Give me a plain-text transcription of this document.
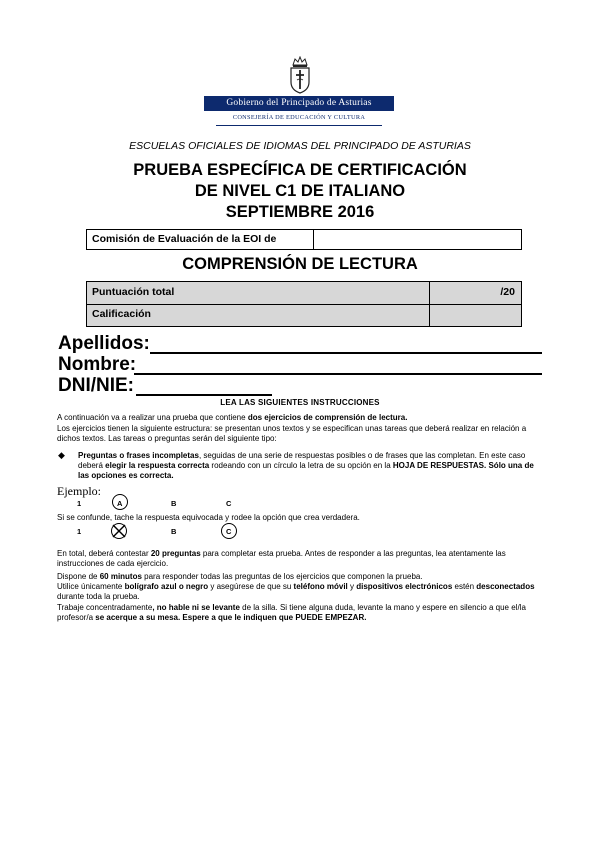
Gobierno del Principado de Asturias
CONSEJERÍA DE EDUCACIÓN Y CULTURA
ESCUELAS OFICIALES DE IDIOMAS DEL PRINCIPADO DE ASTURIAS
PRUEBA ESPECÍFICA DE CERTIFICACIÓN
DE NIVEL C1 DE ITALIANO
SEPTIEMBRE 2016
Comisión de Evaluación de la EOI de
COMPRENSIÓN DE LECTURA
Puntuación total	/20
Calificación
Apellidos:
Nombre:
DNI/NIE:
LEA LAS SIGUIENTES INSTRUCCIONES
A continuación va a realizar una prueba que contiene dos ejercicios de comprensión de lectura.
Los ejercicios tienen la siguiente estructura: se presentan unos textos y se especifican unas tareas que deberá realizar en relación a dichos textos. Las tareas o preguntas serán del siguiente tipo:
◆ Preguntas o frases incompletas, seguidas de una serie de respuestas posibles o de frases que las completan. En este caso deberá elegir la respuesta correcta rodeando con un círculo la letra de su opción en la HOJA DE RESPUESTAS. Sólo una de las opciones es correcta.
Ejemplo:
1	A	B	C
Si se confunde, tache la respuesta equivocada y rodee la opción que crea verdadera.
1	B	C
En total, deberá contestar 20 preguntas para completar esta prueba. Antes de responder a las preguntas, lea atentamente las instrucciones de cada ejercicio.
Dispone de 60 minutos para responder todas las preguntas de los ejercicios que componen la prueba.
Utilice únicamente bolígrafo azul o negro y asegúrese de que su teléfono móvil y dispositivos electrónicos estén desconectados durante toda la prueba.
Trabaje concentradamente, no hable ni se levante de la silla. Si tiene alguna duda, levante la mano y espere en silencio a que el/la profesor/a se acerque a su mesa. Espere a que le indiquen que PUEDE EMPEZAR.
